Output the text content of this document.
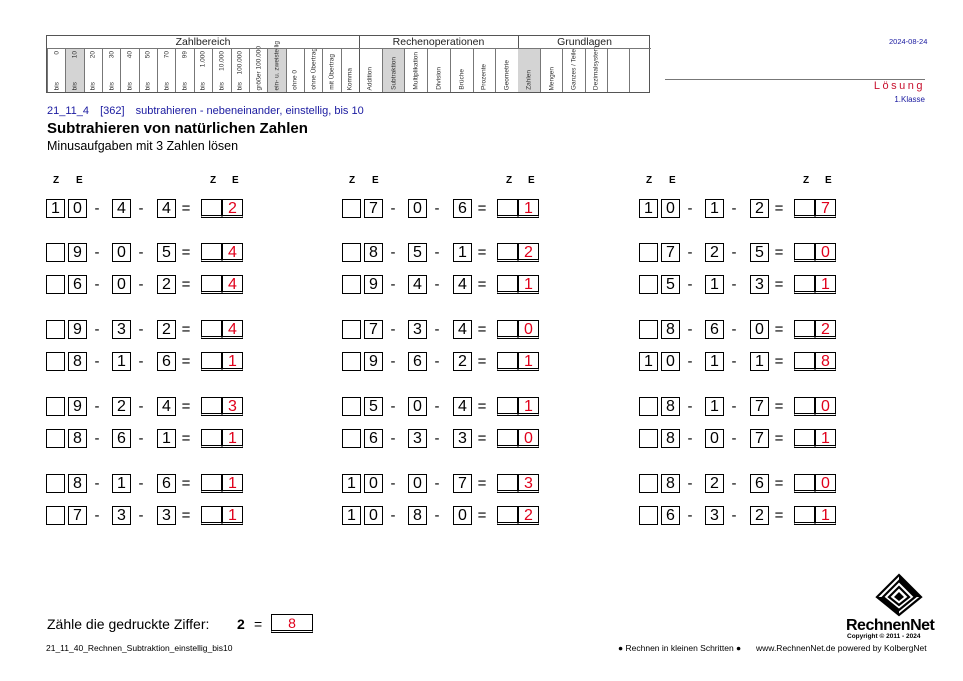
Zahlbereich
0
bis
10
bis
20
bis
30
bis
40
bis
50
bis
70
bis
99
bis
1.000
bis
10.000
bis
100.000
bis größer 100.000 ein- u. zweistellig ohne 0 ohne Übertrag mit Übertrag Komma
Rechenoperationen
Addition Subtraktion Multiplikation Division Brüche Prozente Geometrie
Grundlagen
Zahlen Mengen Ganzes / Teile Dezimalsystem
2024-08-24
Lösung
1.Klasse
21_11_4 [362] subtrahieren - nebeneinander, einstellig, bis 10
Subtrahieren von natürlichen Zahlen
Minusaufgaben mit 3 Zahlen lösen
Z E	Z E
1 0 -	4 -	4 =	2
9 -	0 -	5 =	4
6 -	0 -	2 =	4
9 -	3 -	2 =	4
8 -	1 -	6 =	1
9 -	2 -	4 =	3
8 -	6 -	1 =	1
8 -	1 -	6 =	1
7 -	3 -	3 =	1
Z E	Z E
7 -	0 -	6 =	1
8 -	5 -	1 =	2
9 -	4 -	4 =	1
7 -	3 -	4 =	0
9 -	6 -	2 =	1
5 -	0 -	4 =	1
6 -	3 -	3 =	0
1 0 -	0 -	7 =	3
1 0 -	8 -	0 =	2
Z E	Z E
1 0 -	1 -	2 =	7
7 -	2 -	5 =	0
5 -	1 -	3 =	1
8 -	6 -	0 =	2
1 0 -	1 -	1 =	8
8 -	1 -	7 =	0
8 -	0 -	7 =	1
8 -	2 -	6 =	0
6 -	3 -	2 =	1
Zähle die gedruckte Ziffer: 2 =	8	RechnenNet
Copyright © 2011 - 2024
21_11_40_Rechnen_Subtraktion_einstellig_bis10	● Rechnen in kleinen Schritten ● www.RechnenNet.de powered by KolbergNet
